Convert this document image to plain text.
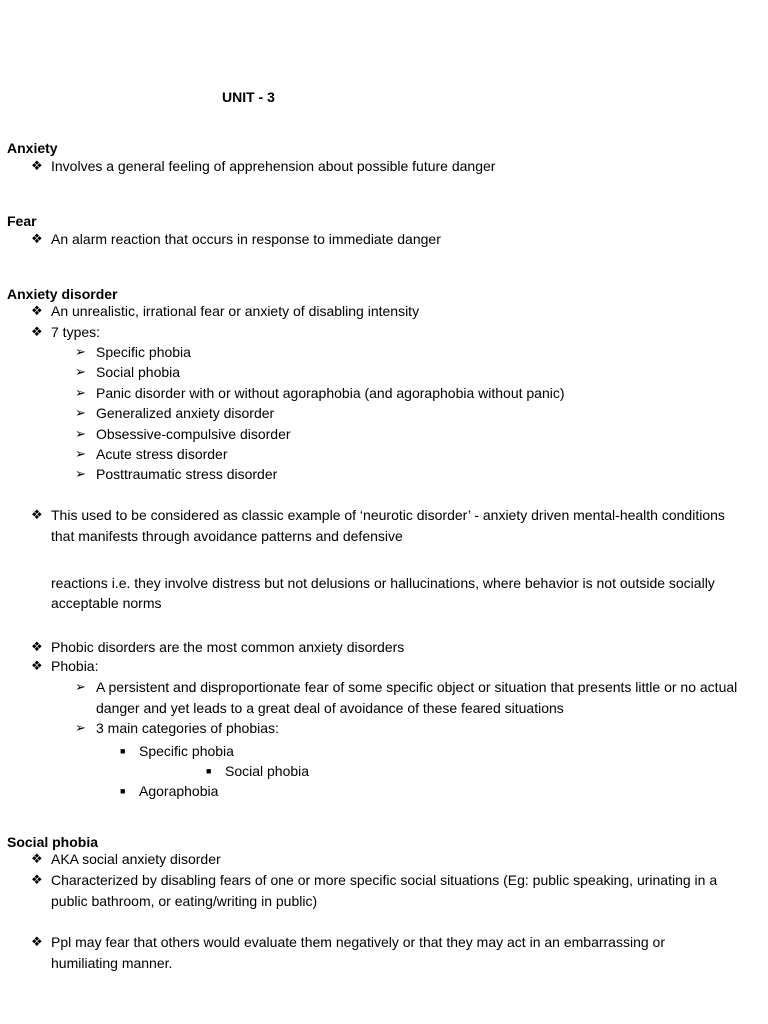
UNIT - 3
Anxiety
❖ Involves a general feeling of apprehension about possible future danger
Fear
❖ An alarm reaction that occurs in response to immediate danger
Anxiety disorder
❖ An unrealistic, irrational fear or anxiety of disabling intensity
❖ 7 types:
➢ Specific phobia
➢ Social phobia
➢ Panic disorder with or without agoraphobia (and agoraphobia without panic)
➢ Generalized anxiety disorder
➢ Obsessive-compulsive disorder
➢ Acute stress disorder
➢ Posttraumatic stress disorder
❖ This used to be considered as classic example of ‘neurotic disorder’ - anxiety driven mental-health conditions
that manifests through avoidance patterns and defensive
reactions i.e. they involve distress but not delusions or hallucinations, where behavior is not outside socially
acceptable norms
❖ Phobic disorders are the most common anxiety disorders
❖ Phobia:
➢ A persistent and disproportionate fear of some specific object or situation that presents little or no actual
danger and yet leads to a great deal of avoidance of these feared situations
➢ 3 main categories of phobias:
■ Specific phobia
■ Social phobia
■ Agoraphobia
Social phobia
❖ AKA social anxiety disorder
❖ Characterized by disabling fears of one or more specific social situations (Eg: public speaking, urinating in a
public bathroom, or eating/writing in public)
❖ Ppl may fear that others would evaluate them negatively or that they may act in an embarrassing or
humiliating manner.
